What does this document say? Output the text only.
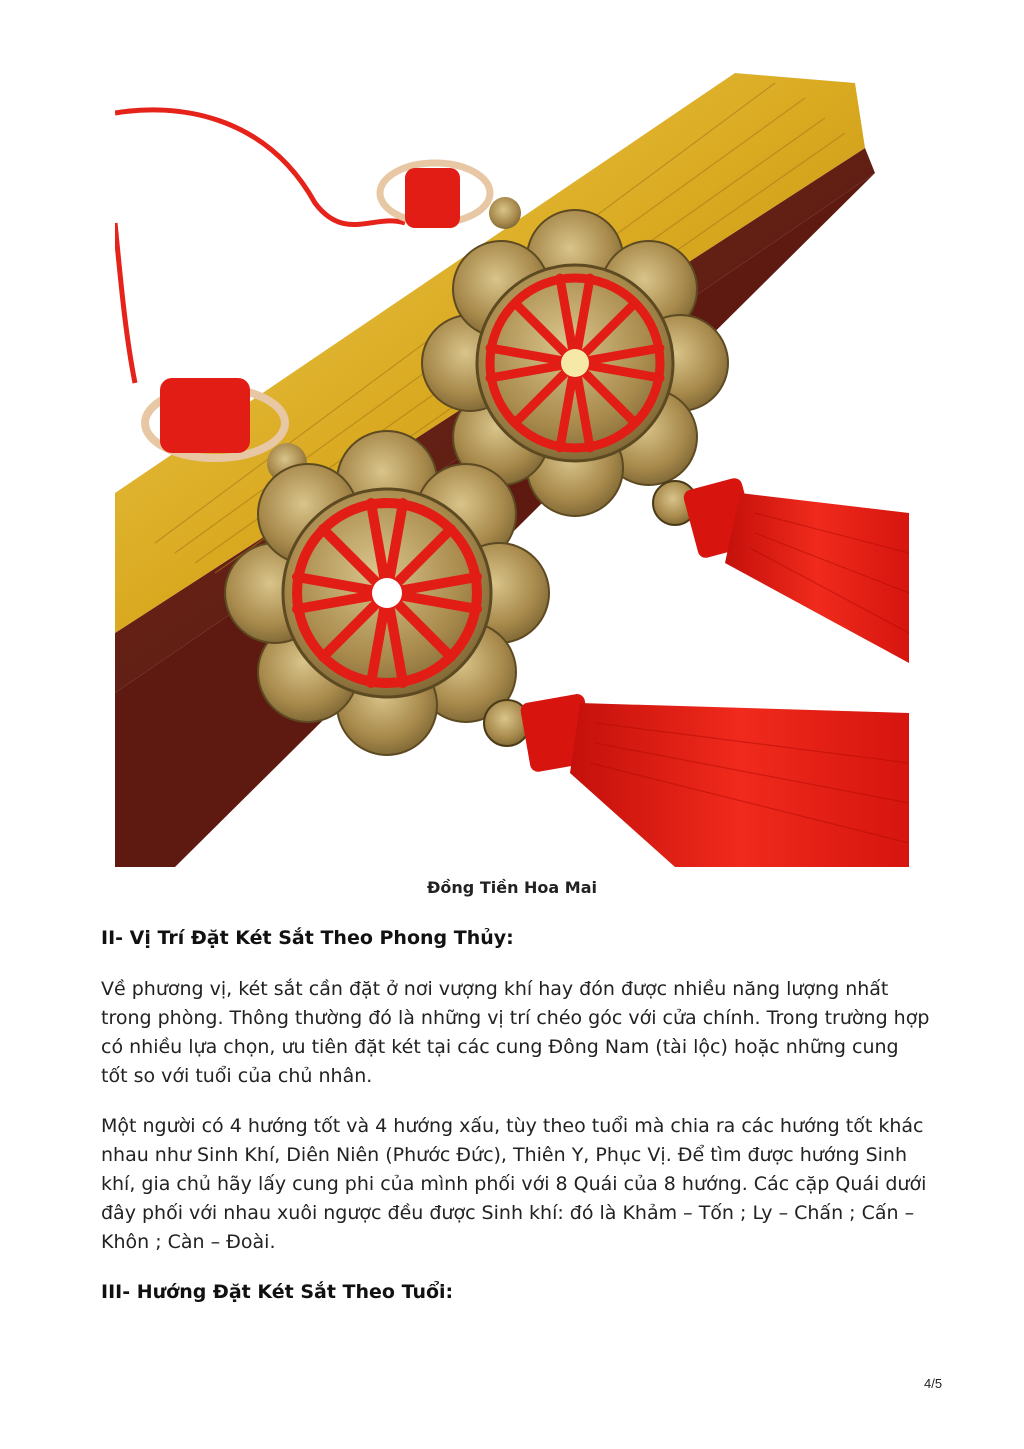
Đồng Tiền Hoa Mai
II- Vị Trí Đặt Két Sắt Theo Phong Thủy:
Về phương vị, két sắt cần đặt ở nơi vượng khí hay đón được nhiều năng lượng nhất trong phòng. Thông thường đó là những vị trí chéo góc với cửa chính. Trong trường hợp có nhiều lựa chọn, ưu tiên đặt két tại các cung Đông Nam (tài lộc) hoặc những cung tốt so với tuổi của chủ nhân.
Một người có 4 hướng tốt và 4 hướng xấu, tùy theo tuổi mà chia ra các hướng tốt khác nhau như Sinh Khí, Diên Niên (Phước Đức), Thiên Y, Phục Vị. Để tìm được hướng Sinh khí, gia chủ hãy lấy cung phi của mình phối với 8 Quái của 8 hướng. Các cặp Quái dưới đây phối với nhau xuôi ngược đều được Sinh khí: đó là Khảm – Tốn ; Ly – Chấn ; Cấn – Khôn ; Càn – Đoài.
III- Hướng Đặt Két Sắt Theo Tuổi:
4/5
